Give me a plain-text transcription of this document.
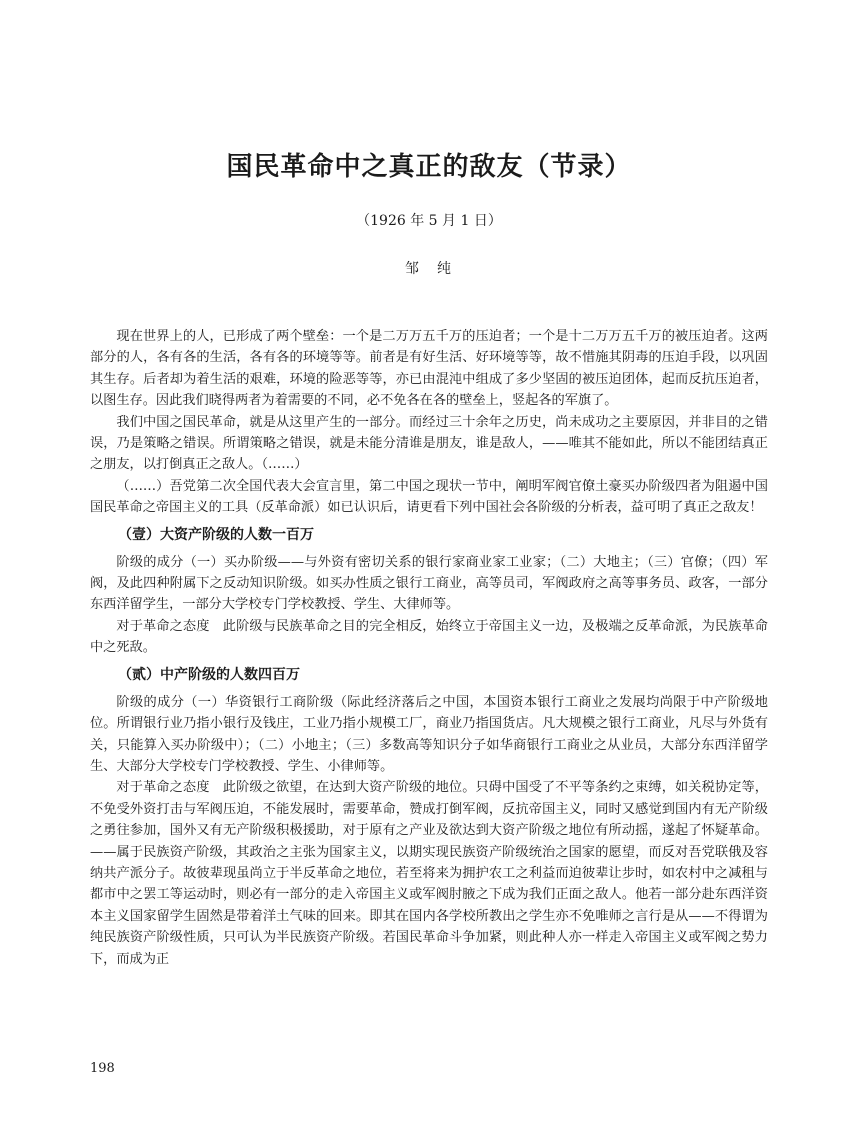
国民革命中之真正的敌友（节录）
（1926 年 5 月 1 日）
邹　纯

现在世界上的人，已形成了两个壁垒：一个是二万万五千万的压迫者；一个是十二万万五千万的被压迫者。这两部分的人，各有各的生活，各有各的环境等等。前者是有好生活、好环境等等，故不惜施其阴毒的压迫手段，以巩固其生存。后者却为着生活的艰难，环境的险恶等等，亦已由混沌中组成了多少坚固的被压迫团体，起而反抗压迫者，以图生存。因此我们晓得两者为着需要的不同，必不免各在各的壁垒上，竖起各的军旗了。

我们中国之国民革命，就是从这里产生的一部分。而经过三十余年之历史，尚未成功之主要原因，并非目的之错误，乃是策略之错误。所谓策略之错误，就是未能分清谁是朋友，谁是敌人，——唯其不能如此，所以不能团结真正之朋友，以打倒真正之敌人。（……）

（……）吾党第二次全国代表大会宣言里，第二中国之现状一节中，阐明军阀官僚土豪买办阶级四者为阻遏中国国民革命之帝国主义的工具（反革命派）如已认识后，请更看下列中国社会各阶级的分析表，益可明了真正之敌友！

（壹）大资产阶级的人数一百万

阶级的成分（一）买办阶级——与外资有密切关系的银行家商业家工业家；（二）大地主；（三）官僚；（四）军阀，及此四种附属下之反动知识阶级。如买办性质之银行工商业，高等员司，军阀政府之高等事务员、政客，一部分东西洋留学生，一部分大学校专门学校教授、学生、大律师等。

对于革命之态度　此阶级与民族革命之目的完全相反，始终立于帝国主义一边，及极端之反革命派，为民族革命中之死敌。

（贰）中产阶级的人数四百万

阶级的成分（一）华资银行工商阶级（际此经济落后之中国，本国资本银行工商业之发展均尚限于中产阶级地位。所谓银行业乃指小银行及钱庄，工业乃指小规模工厂，商业乃指国货店。凡大规模之银行工商业，凡尽与外货有关，只能算入买办阶级中）；（二）小地主；（三）多数高等知识分子如华商银行工商业之从业员，大部分东西洋留学生、大部分大学校专门学校教授、学生、小律师等。

对于革命之态度　此阶级之欲望，在达到大资产阶级的地位。只碍中国受了不平等条约之束缚，如关税协定等，不免受外资打击与军阀压迫，不能发展时，需要革命，赞成打倒军阀，反抗帝国主义，同时又感觉到国内有无产阶级之勇往参加，国外又有无产阶级积极援助，对于原有之产业及欲达到大资产阶级之地位有所动摇，遂起了怀疑革命。——属于民族资产阶级，其政治之主张为国家主义，以期实现民族资产阶级统治之国家的愿望，而反对吾党联俄及容纳共产派分子。故彼辈现虽尚立于半反革命之地位，若至将来为拥护农工之利益而迫彼辈让步时，如农村中之减租与都市中之罢工等运动时，则必有一部分的走入帝国主义或军阀肘腋之下成为我们正面之敌人。他若一部分赴东西洋资本主义国家留学生固然是带着洋土气味的回来。即其在国内各学校所教出之学生亦不免唯师之言行是从——不得谓为纯民族资产阶级性质，只可认为半民族资产阶级。若国民革命斗争加紧，则此种人亦一样走入帝国主义或军阀之势力下，而成为正

198
